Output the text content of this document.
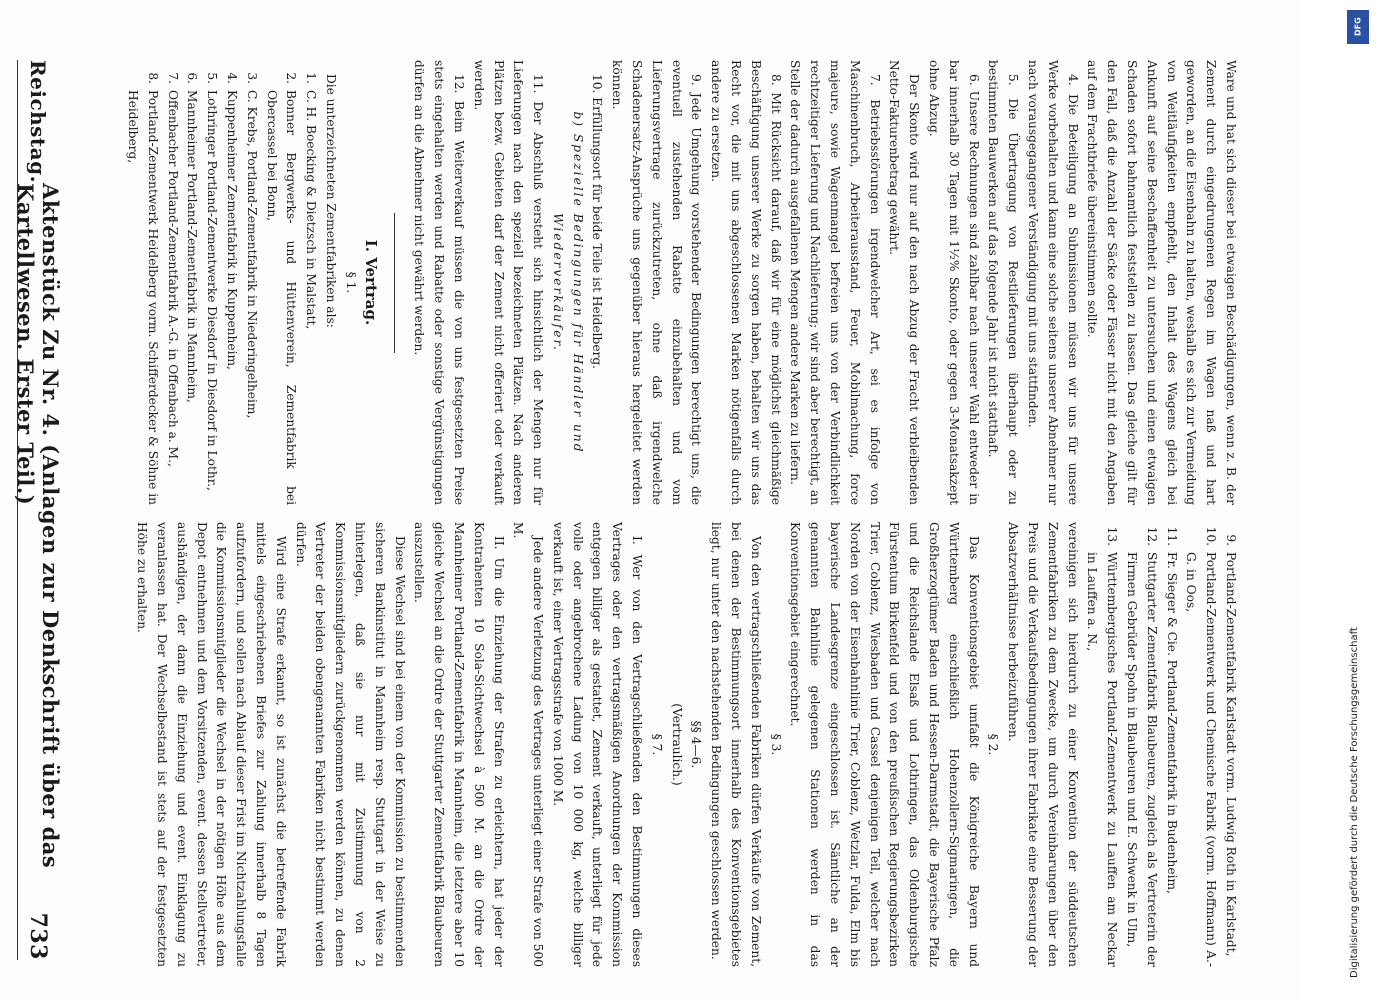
Reichstag.
Aktenstück Zu Nr. 4. (Anlagen zur Denkschrift über das Kartellwesen. Erster Teil.)
733

Ware und hat sich dieser bei etwaigen Beschädigungen, wenn z. B. der Zement durch eingedrungenen Regen im Wagen naß und hart geworden, an die Eisenbahn zu halten, weshalb es sich zur Vermeidung von Weitläufigkeiten empfiehlt, den Inhalt des Wagens gleich bei Ankunft auf seine Beschaffenheit zu untersuchen und einen etwaigen Schaden sofort bahnamtlich feststellen zu lassen. Das gleiche gilt für den Fall, daß die Anzahl der Säcke oder Fässer nicht mit den Angaben auf dem Frachtbriefe übereinstimmen sollte.

4. Die Beteiligung an Submissionen müssen wir uns für unsere Werke vorbehalten und kann eine solche seitens unserer Abnehmer nur nach vorausgegangener Verständigung mit uns stattfinden.

5. Die Übertragung von Restlieferungen überhaupt oder zu bestimmten Bauwerken auf das folgende Jahr ist nicht statthaft.

6. Unsere Rechnungen sind zahlbar nach unserer Wahl entweder in bar innerhalb 30 Tagen mit 1½% Skonto, oder gegen 3-Monatsakzept ohne Abzug.

Der Skonto wird nur auf den nach Abzug der Fracht verbleibenden Netto-Fakturenbetrag gewährt.

7. Betriebsstörungen irgendwelcher Art, sei es infolge von Maschinenbruch, Arbeiterausstand, Feuer, Mobilmachung, force majeure, sowie Wagenmangel befreien uns von der Verbindlichkeit rechtzeitiger Lieferung und Nachlieferung; wir sind aber berechtigt, an Stelle der dadurch ausgefallenen Mengen andere Marken zu liefern.

8. Mit Rücksicht darauf, daß wir für eine möglichst gleichmäßige Beschäftigung unserer Werke zu sorgen haben, behalten wir uns das Recht vor, die mit uns abgeschlossenen Marken nötigenfalls durch andere zu ersetzen.

9. Jede Umgehung vorstehender Bedingungen berechtigt uns, die eventuell zustehenden Rabatte einzubehalten und vom Lieferungsvertrage zurückzutreten, ohne daß irgendwelche Schadenersatz-Ansprüche uns gegenüber hieraus hergeleitet werden können.

10. Erfüllungsort für beide Teile ist Heidelberg.

b) Spezielle Bedingungen für Händler und Wiederverkäufer.

11. Der Abschluß versteht sich hinsichtlich der Mengen nur für Lieferungen nach den speziell bezeichneten Plätzen. Nach anderen Plätzen bezw. Gebieten darf der Zement nicht offeriert oder verkauft werden.

12. Beim Weiterverkauf müssen die von uns festgesetzten Preise stets eingehalten werden und Rabatte oder sonstige Vergünstigungen dürfen an die Abnehmer nicht gewährt werden.

I. Vertrag.

§ 1.

Die unterzeichneten Zementfabriken als:

1.
C. H. Boecking & Dietzsch in Malstatt,
2.
Bonner Bergwerks- und Hüttenverein, Zementfabrik bei Obercassel bei Bonn,
3.
C. Krebs, Portland-Zementfabrik in Niederingelheim,
4.
Kuppenheimer Zementfabrik in Kuppenheim,
5.
Lothringer Portland-Zementwerke Diesdorf in Diesdorf in Lothr.,
6.
Mannheimer Portland-Zementfabrik in Mannheim,
7.
Offenbacher Portland-Zementfabrik A.-G. in Offenbach a. M.,
8.
Portland-Zementwerk Heidelberg vorm. Schifferdecker & Söhne in Heidelberg,
9.
Portland-Zementfabrik Karlstadt vorm. Ludwig Roth in Karlstadt,
10.
Portland-Zementwerk und Chemische Fabrik (vorm. Hoffmann) A.-G. in Oos,
11.
Fr. Sieger & Cie. Portland-Zementfabrik in Budenheim,
12.
Stuttgarter Zementfabrik Blaubeuren, zugleich als Vertreterin der Firmen Gebrüder Spohn in Blaubeuren und E. Schwenk in Ulm,
13.
Württembergisches Portland-Zementwerk zu Lauffen am Neckar in Lauffen a. N.,

vereinigen sich hierdurch zu einer Konvention der süddeutschen Zementfabriken zu dem Zwecke, um durch Vereinbarungen über den Preis und die Verkaufsbedingungen ihrer Fabrikate eine Besserung der Absatzverhältnisse herbeizuführen.

§ 2.

Das Konventionsgebiet umfaßt die Königreiche Bayern und Württemberg einschließlich Hohenzollern-Sigmaringen, die Großherzogtümer Baden und Hessen-Darmstadt, die Bayerische Pfalz und die Reichslande Elsaß und Lothringen, das Oldenburgische Fürstentum Birkenfeld und von den preußischen Regierungsbezirken Trier, Coblenz, Wiesbaden und Cassel denjenigen Teil, welcher nach Norden von der Eisenbahnlinie Trier, Coblenz, Wetzlar, Fulda, Elm bis bayerische Landesgrenze eingeschlossen ist. Sämtliche an der genannten Bahnlinie gelegenen Stationen werden in das Konventionsgebiet eingerechnet.

§ 3.

Von den vertragschließenden Fabriken dürfen Verkäufe von Zement, bei denen der Bestimmungsort innerhalb des Konventionsgebietes liegt, nur unter den nachstehenden Bedingungen geschlossen werden.

§§ 4—6.

(Vertraulich.)

§ 7.

I. Wer von den Vertragschließenden den Bestimmungen dieses Vertrages oder den vertragsmäßigen Anordnungen der Kommission entgegen billiger als gestattet, Zement verkauft, unterliegt für jede volle oder angebrochene Ladung von 10 000 kg, welche billiger verkauft ist, einer Vertragsstrafe von 1000 M.

Jede andere Verletzung des Vertrages unterliegt einer Strafe von 500 M.

II. Um die Einziehung der Strafen zu erleichtern, hat jeder der Kontrahenten 10 Sola-Sichtwechsel à 500 M. an die Ordre der Mannheimer Portland-Zementfabrik in Mannheim, die letztere aber 10 gleiche Wechsel an die Ordre der Stuttgarter Zementfabrik Blaubeuren auszustellen.

Diese Wechsel sind bei einem von der Kommission zu bestimmenden sicheren Bankinstitut in Mannheim resp. Stuttgart in der Weise zu hinterlegen, daß sie nur mit Zustimmung von 2 Kommissionsmitgliedern zurückgenommen werden können, zu denen Vertreter der beiden obengenannten Fabriken nicht bestimmt werden dürfen.

Wird eine Strafe erkannt, so ist zunächst die betreffende Fabrik mittels eingeschriebenen Briefes zur Zahlung innerhalb 8 Tagen aufzufordern, und sollen nach Ablauf dieser Frist im Nichtzahlungsfalle die Kommissionsmitglieder die Wechsel in der nötigen Höhe aus dem Depot entnehmen und dem Vorsitzenden, event. dessen Stellvertreter, aushändigen, der dann die Einziehung und event. Einklagung zu veranlassen hat. Der Wechselbestand ist stets auf der festgesetzten Höhe zu erhalten.

DFG
Digitalisierung gefördert durch die Deutsche Forschungsgemeinschaft
